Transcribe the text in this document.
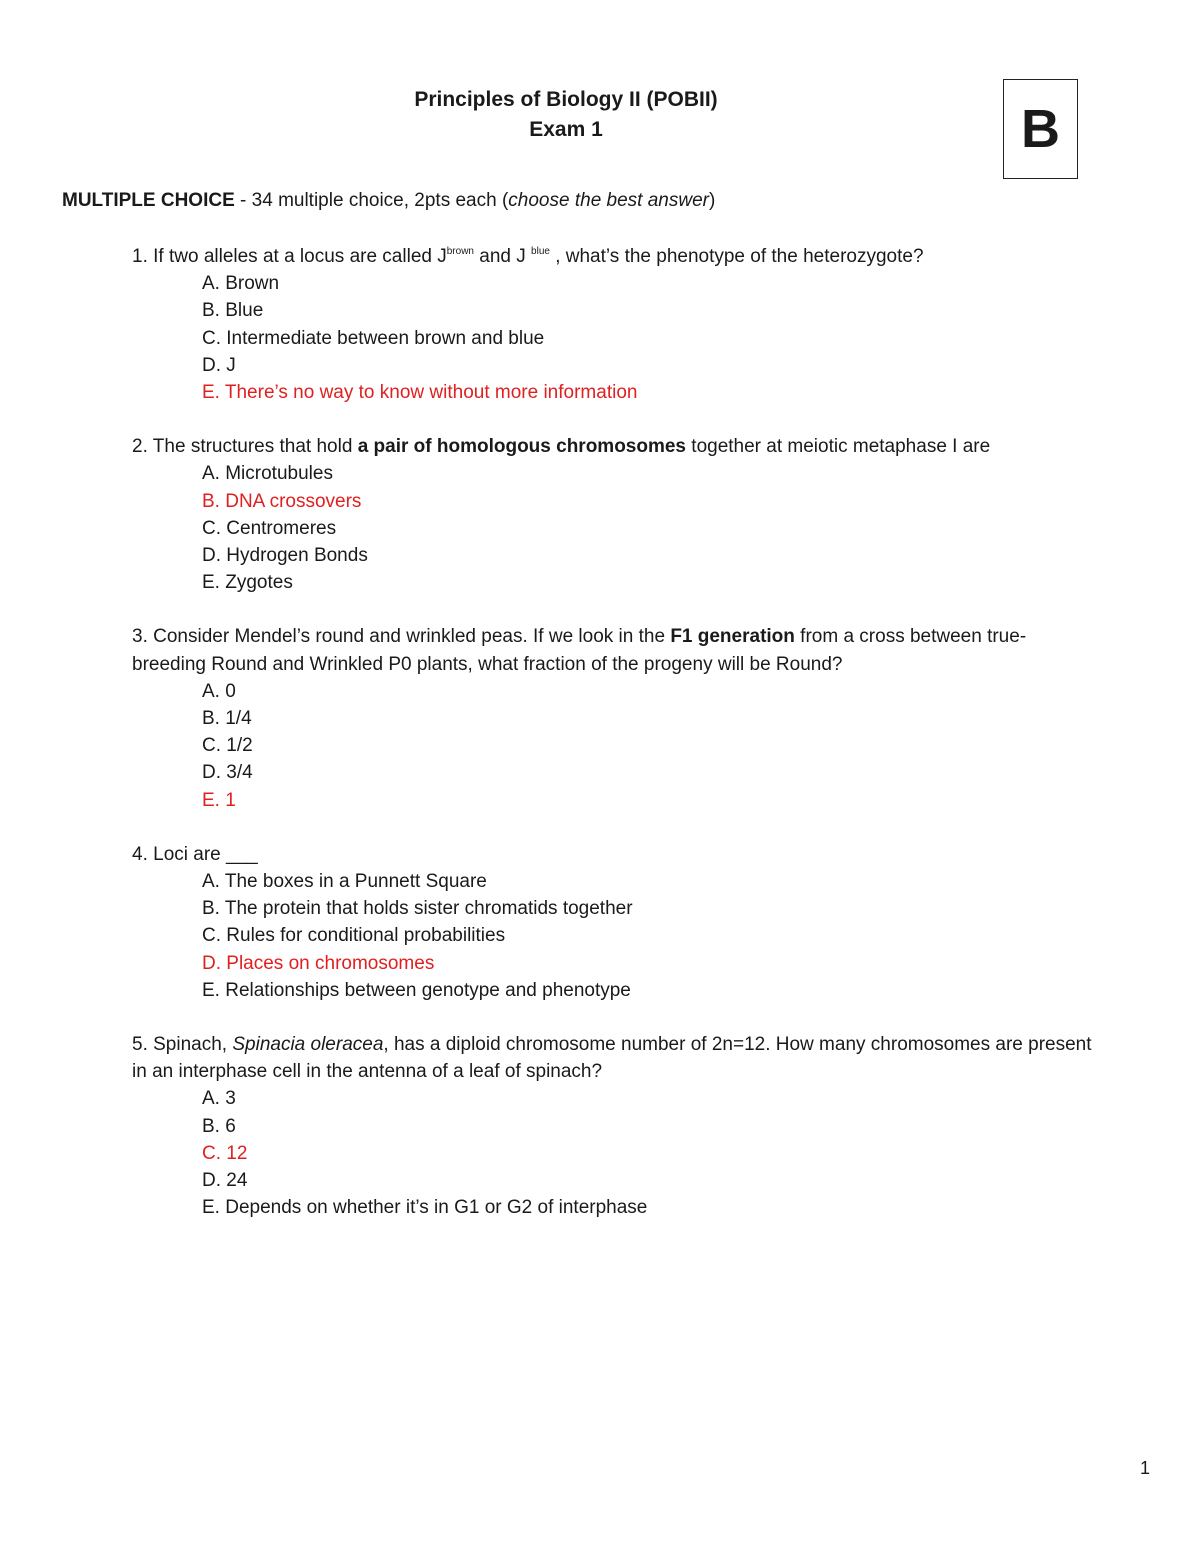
Principles of Biology II (POBII)
Exam 1	B

MULTIPLE CHOICE - 34 multiple choice, 2pts each (choose the best answer)

1. If two alleles at a locus are called $J^{brown}$ and J $^{blue}$ , what’s the phenotype of the heterozygote?

A. Brown
B. Blue
C. Intermediate between brown and blue
D. J
E. There’s no way to know without more information

2. The structures that hold a pair of homologous chromosomes together at meiotic metaphase I are

A. Microtubules
B. DNA crossovers
C. Centromeres
D. Hydrogen Bonds
E. Zygotes

3. Consider Mendel’s round and wrinkled peas. If we look in the F1 generation from a cross between true-breeding Round and Wrinkled P0 plants, what fraction of the progeny will be Round?

A. 0
B. 1/4
C. 1/2
D. 3/4
E. 1

4. Loci are ___

A. The boxes in a Punnett Square
B. The protein that holds sister chromatids together
C. Rules for conditional probabilities
D. Places on chromosomes
E. Relationships between genotype and phenotype

5. Spinach, Spinacia oleracea, has a diploid chromosome number of 2n=12. How many chromosomes are present in an interphase cell in the antenna of a leaf of spinach?

A. 3
B. 6
C. 12
D. 24
E. Depends on whether it’s in G1 or G2 of interphase
1
